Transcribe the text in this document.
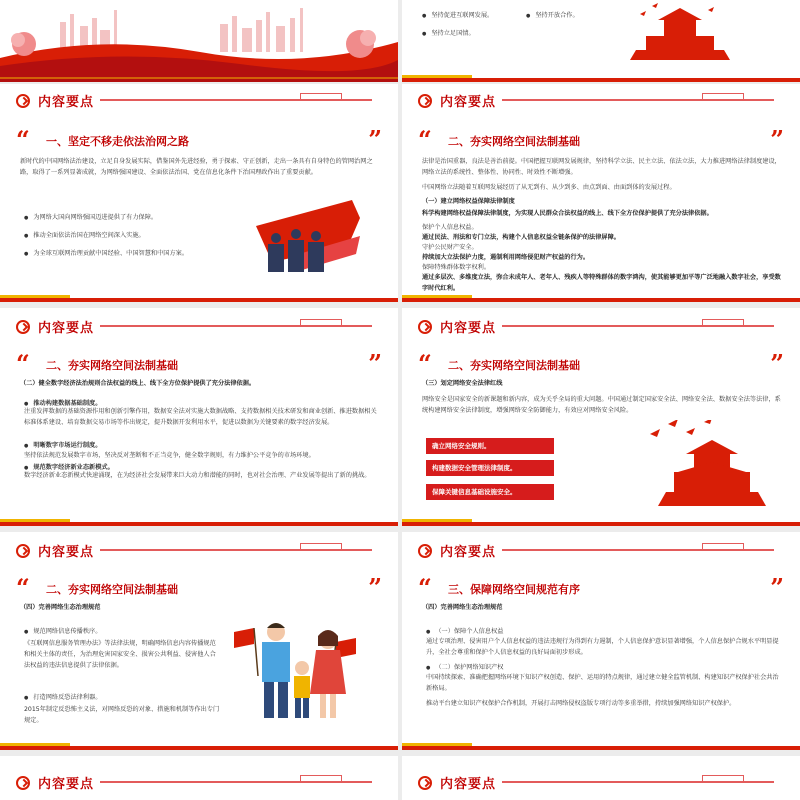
● 坚持促进互联网发展。
●	坚持开放合作。
● 坚持立足国情。
内容要点
“ 一、坚定不移走依法治网之路	”
新时代的中国网络法治建设，立足自身发展实际，借鉴国外先进经验，勇于探索、守正创新，走出一条具有自身特色的管网治网之路，取得了一系列显著成就，为网络强国建设、全面依法治国、党在信息化条件下治国理政作出了重要贡献。
● 为网络大国向网络强国迈进提供了有力保障。
● 推动全面依法治国在网络空间深入实施。
● 为全球互联网治理贡献中国经验、中国智慧和中国方案。
内容要点
“ 二、夯实网络空间法制基础	”
法律是治国重器，良法是善治前提。中国把握互联网发展规律，坚持科学立法、民主立法、依法立法，大力推进网络法律制度建设，网络立法的系统性、整体性、协同性、时效性不断增强。
中国网络立法随着互联网发展经历了从无到有、从少到多、由点到面、由面到体的发展过程。
（一）建立网络权益保障法律制度
科学构建网络权益保障法律制度，为实现人民群众合法权益的线上、线下全方位保护提供了充分法律依据。
保护个人信息权益。
通过民法、刑法和专门立法，构建个人信息权益全链条保护的法律屏障。
守护公民财产安全。
持续加大立法保护力度，遏制利用网络侵犯财产权益的行为。
保障特殊群体数字权利。
通过多层次、多维度立法，弥合未成年人、老年人、残疾人等特殊群体的数字鸿沟，使其能够更加平等广泛地融入数字社会，享受数字时代红利。
内容要点
“ 二、夯实网络空间法制基础	”
（二）健全数字经济法治规则合法权益的线上、线下全方位保护提供了充分法律依据。
● 推动构建数据基础制度。
注重发挥数据的基础资源作用和创新引擎作用，数据安全法对实施大数据战略、支持数据相关技术研发和商业创新、推进数据相关标准体系建设、培育数据交易市场等作出规定，提升数据开发利用水平，促进以数据为关键要素的数字经济发展。
● 明晰数字市场运行制度。
坚持依法规范发展数字市场，坚决反对垄断和不正当竞争，健全数字规则，有力维护公平竞争的市场环境。
● 规范数字经济新业态新模式。
数字经济新业态新模式快速涌现，在为经济社会发展带来巨大动力和潜能的同时，也对社会治理、产业发展等提出了新的挑战。
内容要点
“ 二、夯实网络空间法制基础	”
（三）划定网络安全法律红线
网络安全是国家安全的新课题和新内容，成为关乎全局的重大问题。中国通过制定国家安全法、网络安全法、数据安全法等法律，系统构建网络安全法律制度，增强网络安全防御能力，有效应对网络安全风险。
确立网络安全规则。
构建数据安全管理法律制度。
保障关键信息基础设施安全。
内容要点
“ 二、夯实网络空间法制基础	”
（四）完善网络生态治理规范
● 规范网络信息传播秩序。
《互联网信息服务管理办法》等法律法规，明确网络信息内容传播规范和相关主体的责任，为治理危害国家安全、损害公共利益、侵害他人合法权益的违法信息提供了法律依据。
● 打造网络反恐法律利器。
2015年制定反恐怖主义法，对网络反恐的对象、措施和机制等作出专门规定。
内容要点
“ 三、保障网络空间规范有序	”
（四）完善网络生态治理规范
● （一）保障个人信息权益
通过专项治理、侵害用户个人信息权益的违法违规行为得到有力遏制，个人信息保护意识显著增强，个人信息保护合规水平明显提升，全社会尊重和保护个人信息权益的良好局面初步形成。
● （二）保护网络知识产权
中国持续探索、准确把握网络环境下知识产权创造、保护、运用的特点规律，通过建立健全监管机制、构建知识产权保护社会共治新格局。
推动平台建立知识产权保护合作机制，开展打击网络侵权盗版专项行动等多重举措，持续加强网络知识产权保护。
内容要点	内容要点
